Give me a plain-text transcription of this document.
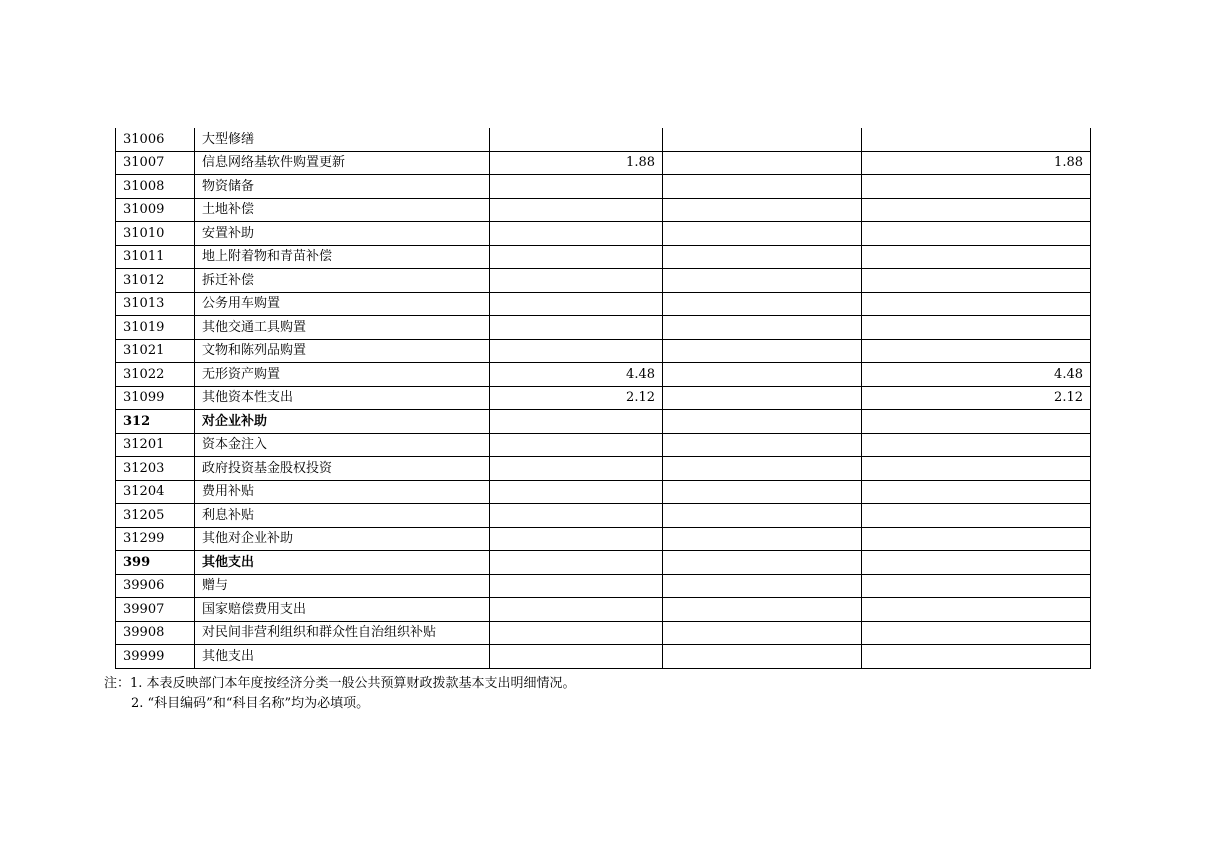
31006	大型修缮			
31007	信息网络基软件购置更新	1.88		1.88
31008	物资储备			
31009	土地补偿			
31010	安置补助			
31011	地上附着物和青苗补偿			
31012	拆迁补偿			
31013	公务用车购置			
31019	其他交通工具购置			
31021	文物和陈列品购置			
31022	无形资产购置	4.48		4.48
31099	其他资本性支出	2.12		2.12
312	对企业补助			
31201	资本金注入			
31203	政府投资基金股权投资			
31204	费用补贴			
31205	利息补贴			
31299	其他对企业补助			
399	其他支出			
39906	赠与			
39907	国家赔偿费用支出			
39908	对民间非营利组织和群众性自治组织补贴			
39999	其他支出			
注：1. 本表反映部门本年度按经济分类一般公共预算财政拨款基本支出明细情况。
2. “科目编码”和“科目名称”均为必填项。
